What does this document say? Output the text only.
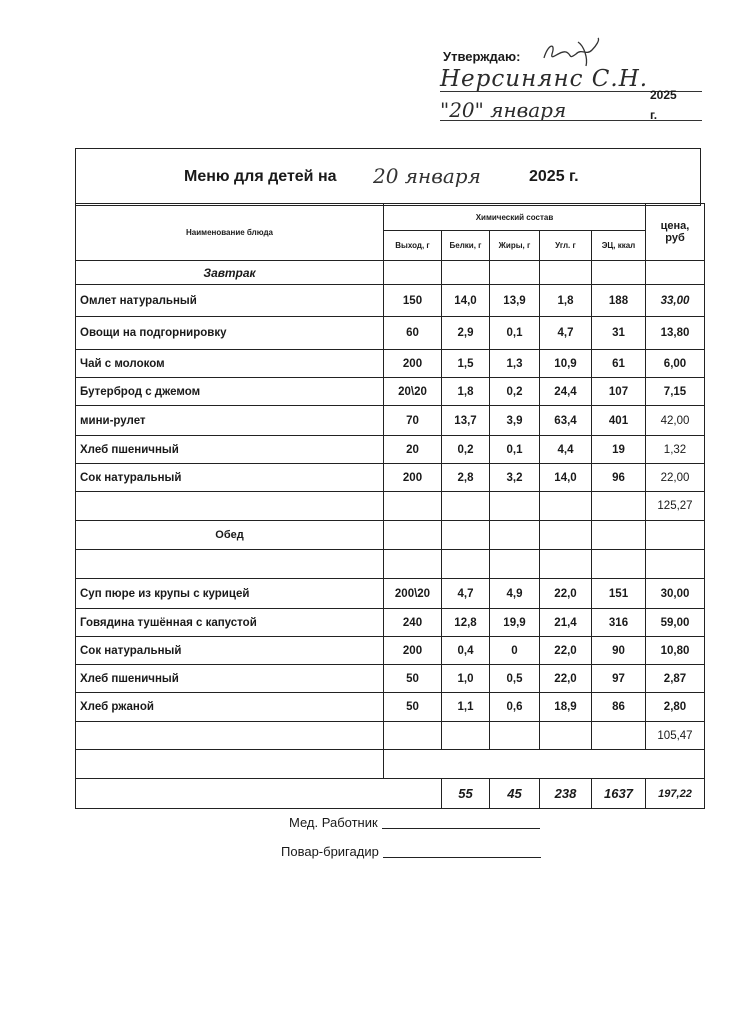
Утверждаю:
Нерсинянс С.Н.
"20" января
2025
г.
Меню для детей на 20 января	2025 г.
Наименование блюда	Химический состав					цена, руб
	Выход, г	Белки, г	Жиры, г	Угл. г	ЭЦ, ккал	
Завтрак						
Омлет натуральный	150	14,0	13,9	1,8	188	33,00
Овощи на подгорнировку	60	2,9	0,1	4,7	31	13,80
Чай с молоком	200	1,5	1,3	10,9	61	6,00
Бутерброд с джемом	20\20	1,8	0,2	24,4	107	7,15
мини-рулет	70	13,7	3,9	63,4	401	42,00
Хлеб пшеничный	20	0,2	0,1	4,4	19	1,32
Сок натуральный	200	2,8	3,2	14,0	96	22,00
						125,27
Обед						

Суп пюре из крупы с курицей	200\20	4,7	4,9	22,0	151	30,00
Говядина тушённая с капустой	240	12,8	19,9	21,4	316	59,00
Сок натуральный	200	0,4	0	22,0	90	10,80
Хлеб пшеничный	50	1,0	0,5	22,0	97	2,87
Хлеб ржаной	50	1,1	0,6	18,9	86	2,80
						105,47

		55	45	238	1637	197,22
Мед. Работник
Повар-бригадир
